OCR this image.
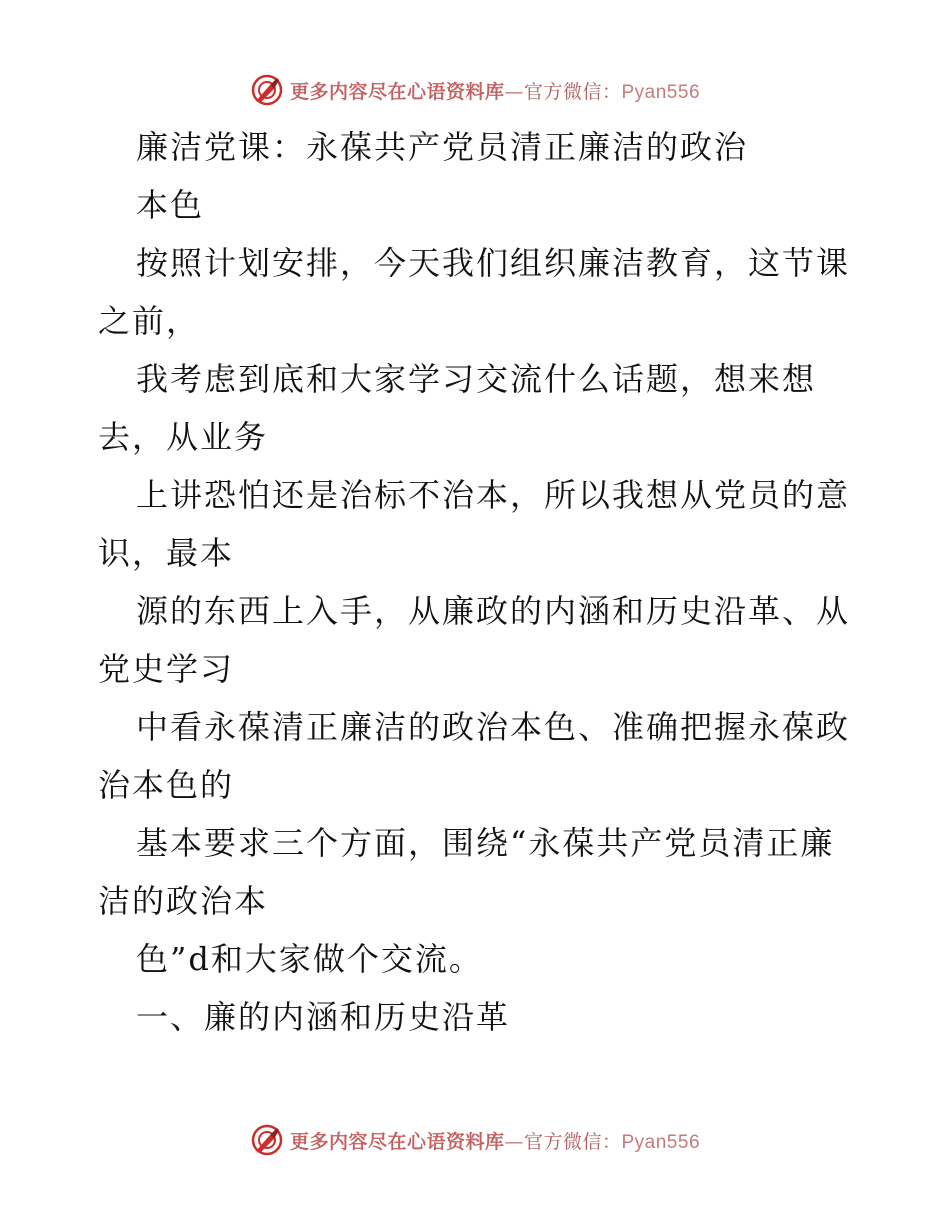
更多内容尽在心语资料库—官方微信：Pyan556
廉洁党课：永葆共产党员清正廉洁的政治
本色
按照计划安排，今天我们组织廉洁教育，这节课
之前，
我考虑到底和大家学习交流什么话题，想来想
去，从业务
上讲恐怕还是治标不治本，所以我想从党员的意
识，最本
源的东西上入手，从廉政的内涵和历史沿革、从
党史学习
中看永葆清正廉洁的政治本色、准确把握永葆政
治本色的
基本要求三个方面，围绕“永葆共产党员清正廉
洁的政治本
色”d和大家做个交流。
一、廉的内涵和历史沿革
更多内容尽在心语资料库—官方微信：Pyan556
